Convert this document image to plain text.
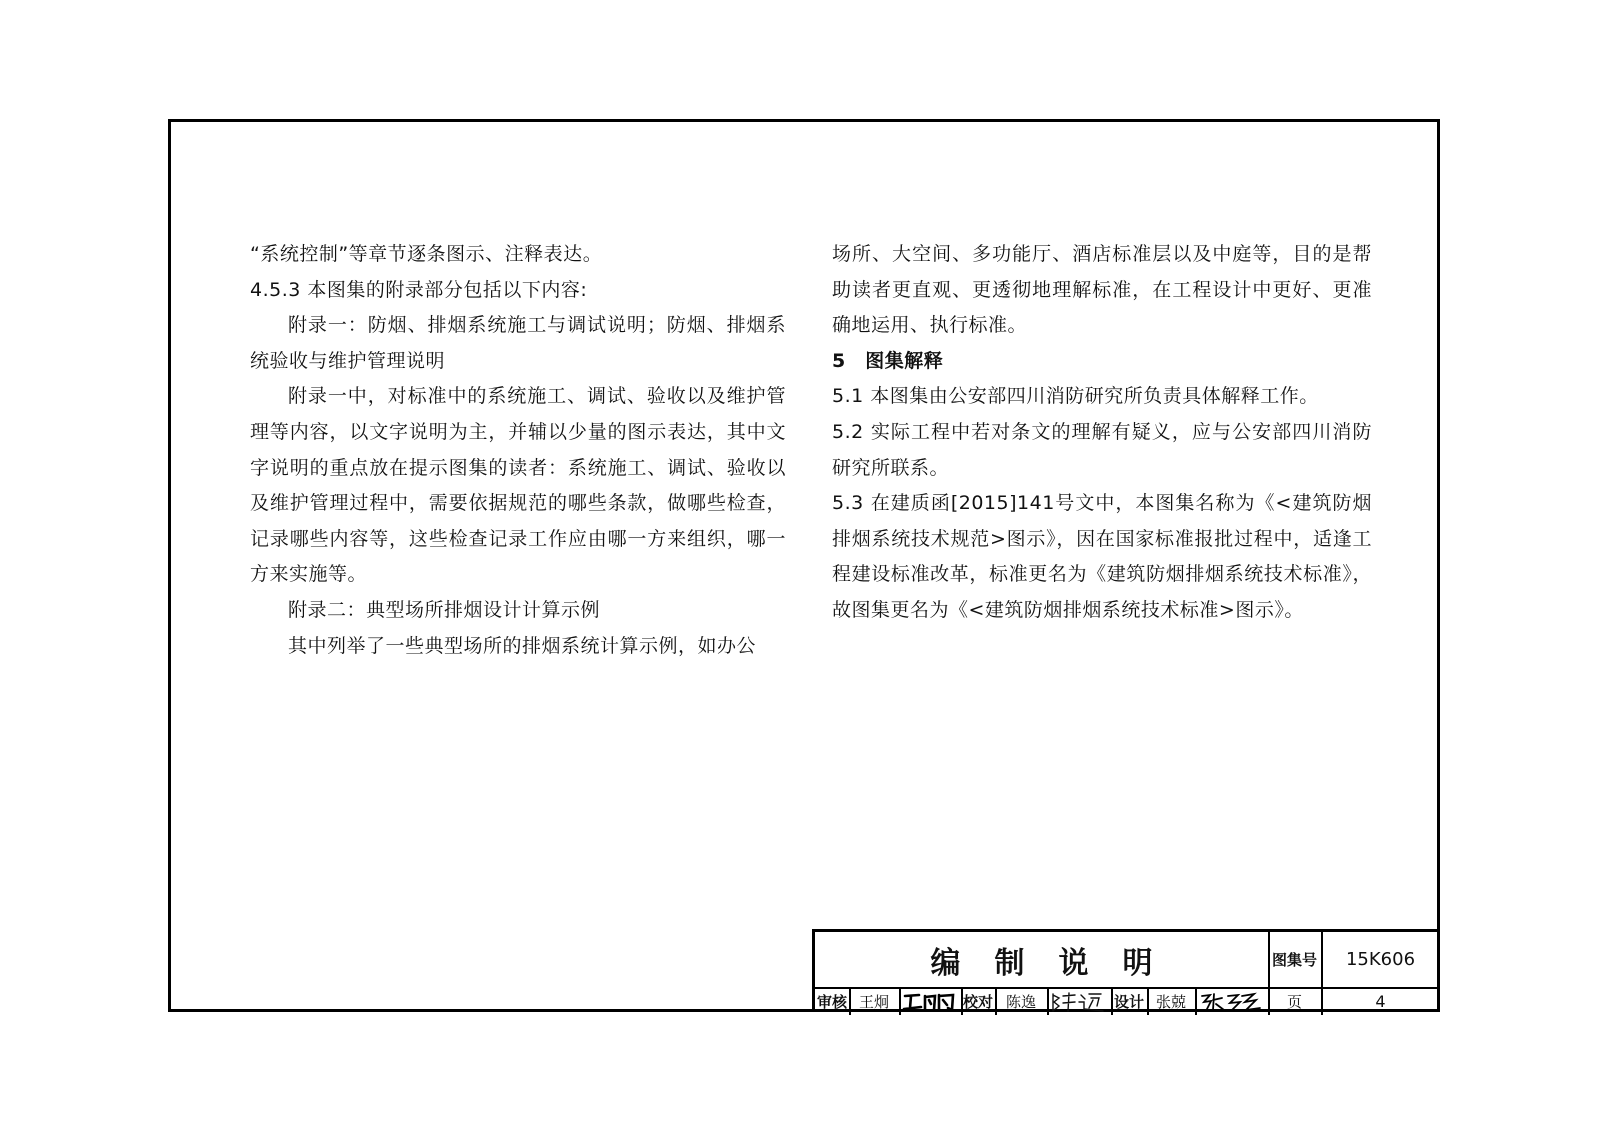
“系统控制”等章节逐条图示、注释表达。

4.5.3 本图集的附录部分包括以下内容:

附录一：防烟、排烟系统施工与调试说明；防烟、排烟系统验收与维护管理说明

附录一中，对标准中的系统施工、调试、验收以及维护管理等内容，以文字说明为主，并辅以少量的图示表达，其中文字说明的重点放在提示图集的读者：系统施工、调试、验收以及维护管理过程中，需要依据规范的哪些条款，做哪些检查，记录哪些内容等，这些检查记录工作应由哪一方来组织，哪一方来实施等。

附录二：典型场所排烟设计计算示例

其中列举了一些典型场所的排烟系统计算示例，如办公

场所、大空间、多功能厅、酒店标准层以及中庭等，目的是帮助读者更直观、更透彻地理解标准，在工程设计中更好、更准确地运用、执行标准。

5　图集解释

5.1 本图集由公安部四川消防研究所负责具体解释工作。

5.2 实际工程中若对条文的理解有疑义，应与公安部四川消防研究所联系。

5.3 在建质函[2015]141号文中，本图集名称为《<建筑防烟排烟系统技术规范>图示》，因在国家标准报批过程中，适逢工程建设标准改革，标准更名为《建筑防烟排烟系统技术标准》，故图集更名为《<建筑防烟排烟系统技术标准>图示》。

编制说明	图集号 15K606
审核 王炯	校对 陈逸	设计 张兢	页	4
